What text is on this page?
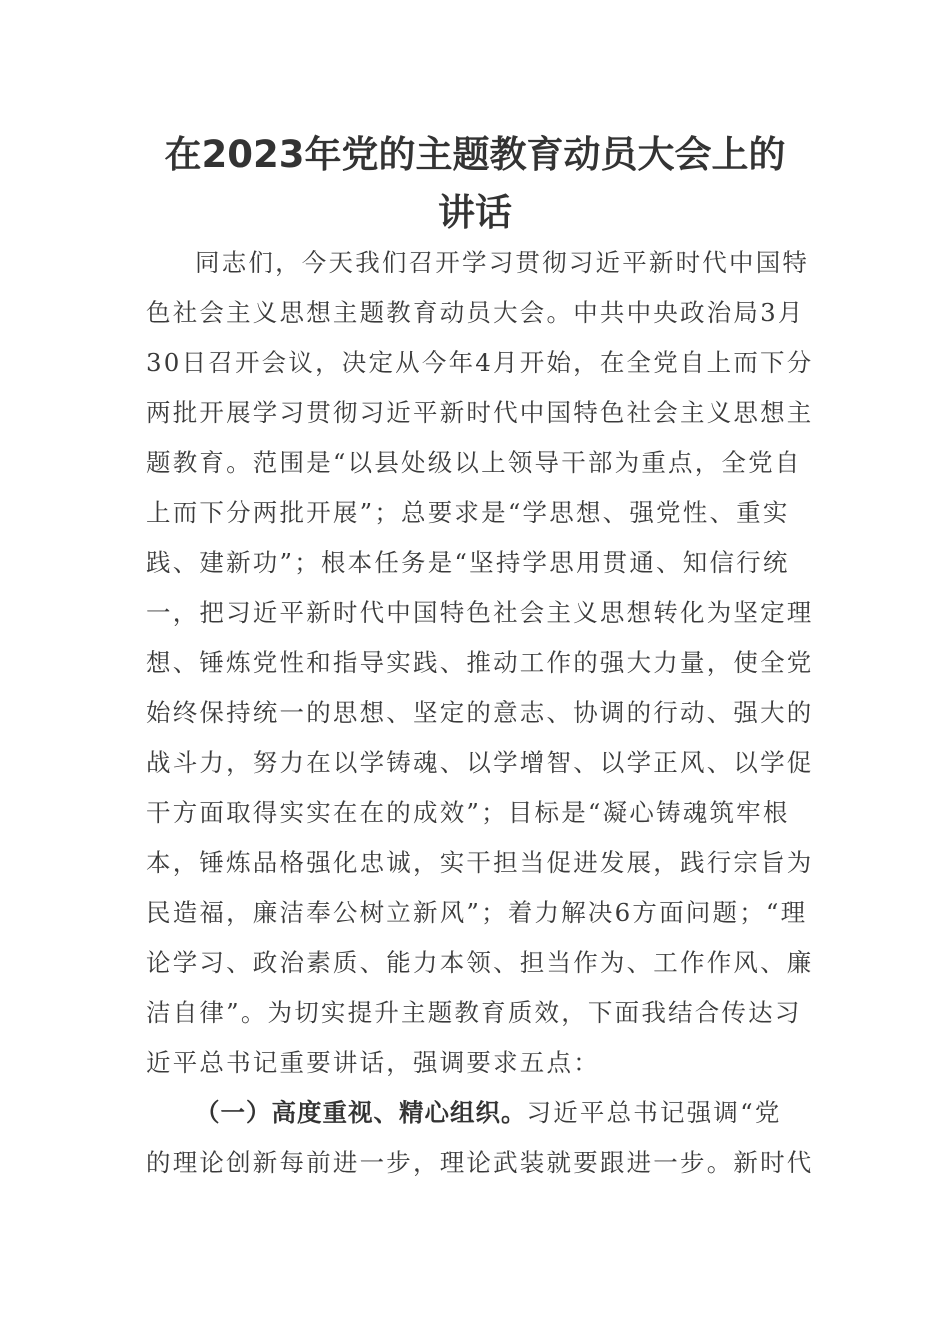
在2023年党的主题教育动员大会上的
讲话
同志们，今天我们召开学习贯彻习近平新时代中国特
色社会主义思想主题教育动员大会。中共中央政治局3月
30日召开会议，决定从今年4月开始，在全党自上而下分
两批开展学习贯彻习近平新时代中国特色社会主义思想主
题教育。范围是“以县处级以上领导干部为重点，全党自
上而下分两批开展”；总要求是“学思想、强党性、重实
践、建新功”；根本任务是“坚持学思用贯通、知信行统
一，把习近平新时代中国特色社会主义思想转化为坚定理
想、锤炼党性和指导实践、推动工作的强大力量，使全党
始终保持统一的思想、坚定的意志、协调的行动、强大的
战斗力，努力在以学铸魂、以学增智、以学正风、以学促
干方面取得实实在在的成效”；目标是“凝心铸魂筑牢根
本，锤炼品格强化忠诚，实干担当促进发展，践行宗旨为
民造福，廉洁奉公树立新风”；着力解决6方面问题；“理
论学习、政治素质、能力本领、担当作为、工作作风、廉
洁自律”。为切实提升主题教育质效，下面我结合传达习
近平总书记重要讲话，强调要求五点：
（一）高度重视、精心组织。习近平总书记强调“党
的理论创新每前进一步，理论武装就要跟进一步。新时代
